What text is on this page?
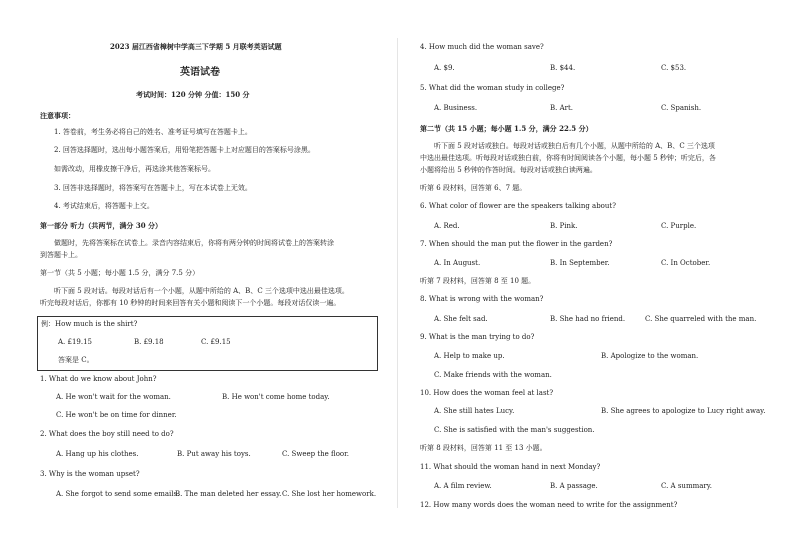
2023 届江西省樟树中学高三下学期 5 月联考英语试题
英语试卷
考试时间：120 分钟 分值：150 分
注意事项：
1. 答卷前，考生务必将自己的姓名、准考证号填写在答题卡上。
2. 回答选择题时，选出每小题答案后，用铅笔把答题卡上对应题目的答案标号涂黑。
如需改动，用橡皮擦干净后，再选涂其他答案标号。
3. 回答非选择题时，将答案写在答题卡上，写在本试卷上无效。
4. 考试结束后，将答题卡上交。
第一部分 听力（共两节，满分 30 分）
做题时，先将答案标在试卷上。录音内容结束后，你将有两分钟的时间将试卷上的答案转涂
到答题卡上。
第一节（共 5 小题；每小题 1.5 分，满分 7.5 分）
听下面 5 段对话。每段对话后有一个小题，从题中所给的 A、B、C 三个选项中选出最佳选项。
听完每段对话后，你都有 10 秒钟的时间来回答有关小题和阅读下一个小题。每段对话仅读一遍。
例：How much is the shirt?
A. £19.15	B. £9.18	C. £9.15
答案是 C。
1. What do we know about John?
A. He won't wait for the woman.	B. He won't come home today.
C. He won't be on time for dinner.
2. What does the boy still need to do?
A. Hang up his clothes.	B. Put away his toys.	C. Sweep the floor.
3. Why is the woman upset?
A. She forgot to send some emails.
B. The man deleted her essay. C. She lost her homework.
4. How much did the woman save?
A. $9.	B. $44.	C. $53.
5. What did the woman study in college?
A. Business.	B. Art.	C. Spanish.
第二节（共 15 小题；每小题 1.5 分，满分 22.5 分）
听下面 5 段对话或独白。每段对话或独白后有几个小题，从题中所给的 A、B、C 三个选项
中选出最佳选项。听每段对话或独白前，你将有时间阅读各个小题，每小题 5 秒钟；听完后，各
小题将给出 5 秒钟的作答时间。每段对话或独白读两遍。
听第 6 段材料，回答第 6、7 题。
6. What color of flower are the speakers talking about?
A. Red.	B. Pink.	C. Purple.
7. When should the man put the flower in the garden?
A. In August.	B. In September.	C. In October.
听第 7 段材料，回答第 8 至 10 题。
8. What is wrong with the woman?
A. She felt sad.	B. She had no friend.	C. She quarreled with the man.
9. What is the man trying to do?
A. Help to make up.	B. Apologize to the woman.
C. Make friends with the woman.
10. How does the woman feel at last?
A. She still hates Lucy.	B. She agrees to apologize to Lucy right away.
C. She is satisfied with the man's suggestion.
听第 8 段材料，回答第 11 至 13 小题。
11. What should the woman hand in next Monday?
A. A film review.	B. A passage.	C. A summary.
12. How many words does the woman need to write for the assignment?
